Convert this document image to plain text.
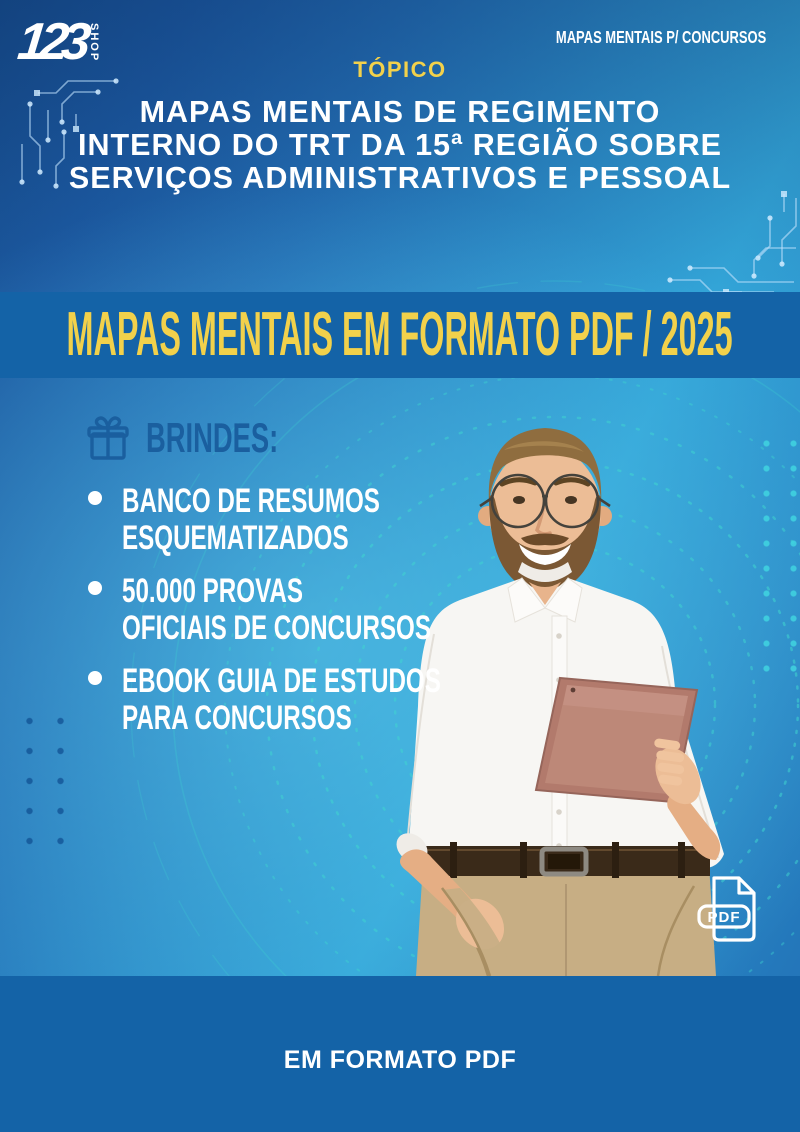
123 SHOP	MAPAS MENTAIS P/ CONCURSOS
TÓPICO
MAPAS MENTAIS DE REGIMENTO
INTERNO DO TRT DA 15ª REGIÃO SOBRE
SERVIÇOS ADMINISTRATIVOS E PESSOAL
MAPAS MENTAIS EM FORMATO PDF / 2025
BRINDES:
BANCO DE RESUMOS
ESQUEMATIZADOS
50.000 PROVAS
OFICIAIS DE CONCURSOS
EBOOK GUIA DE ESTUDOS
PARA CONCURSOS
EM FORMATO PDF
PDF
